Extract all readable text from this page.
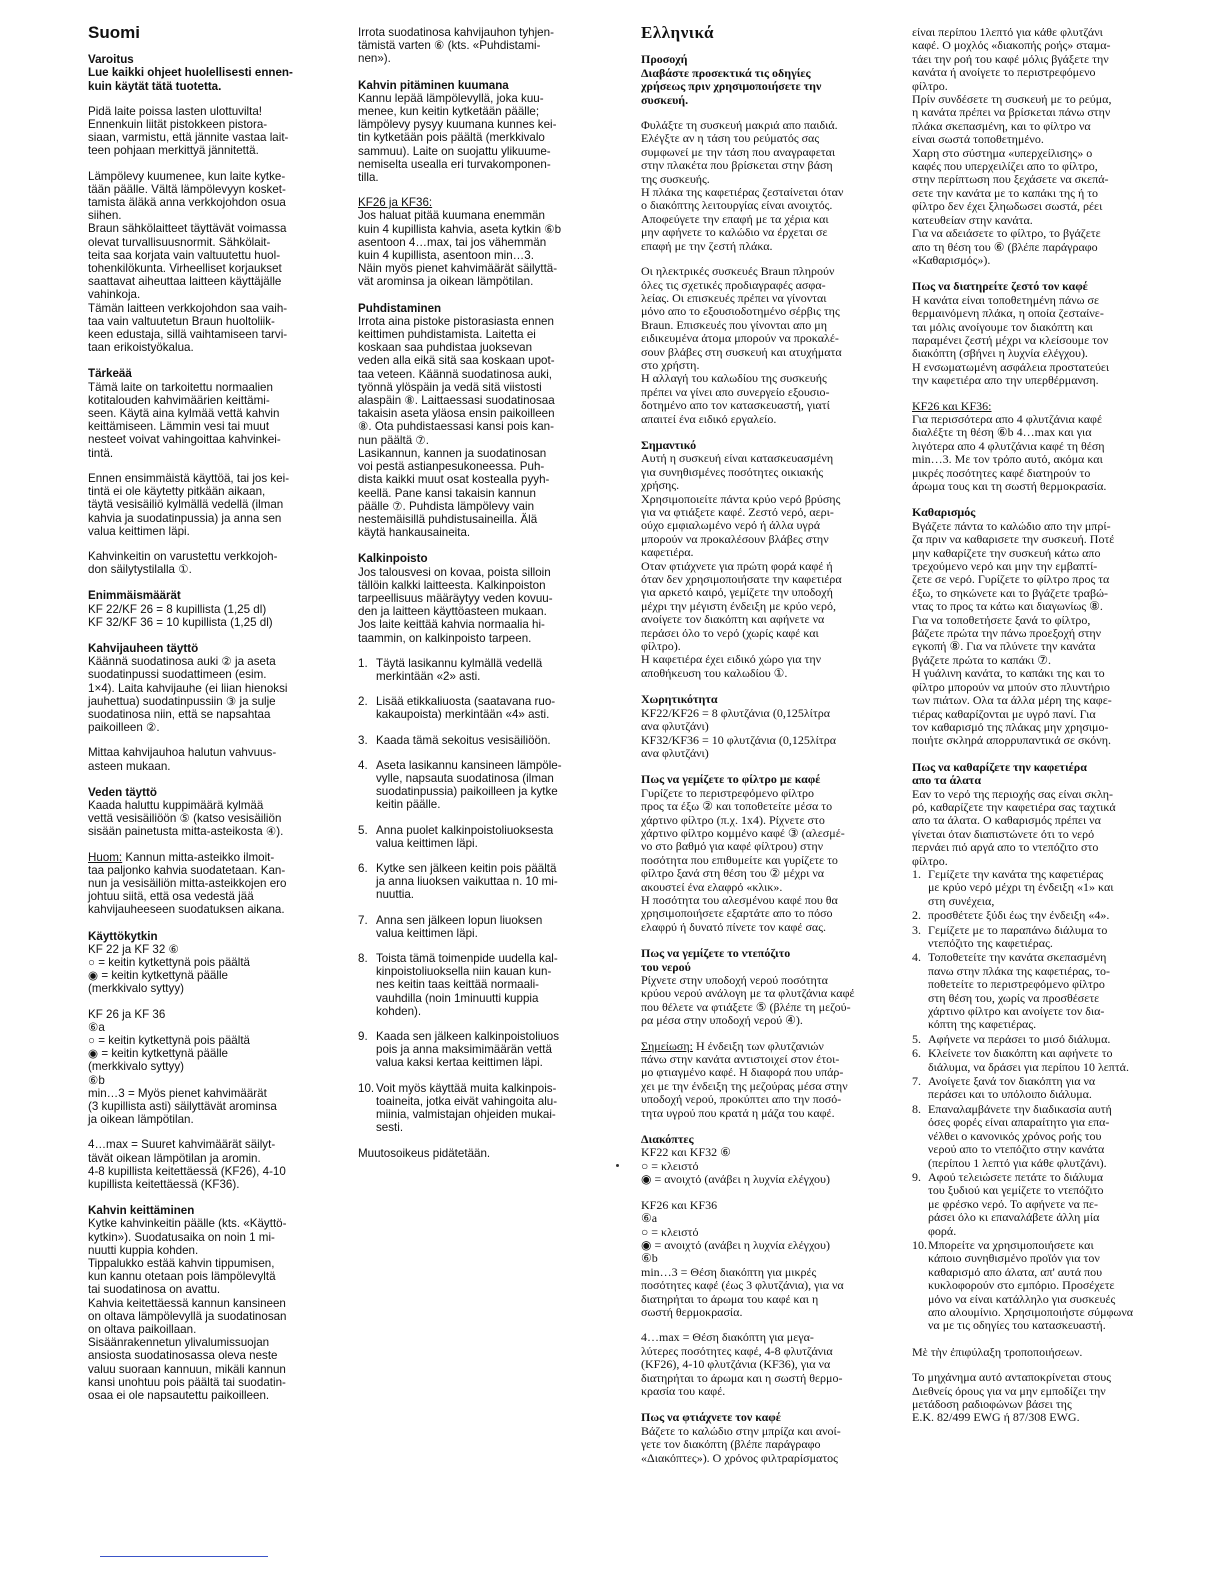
Suomi
Varoitus
Lue kaikki ohjeet huolellisesti ennen-
kuin käytät tätä tuotetta.
Pidä laite poissa lasten ulottuvilta!
Ennenkuin liität pistokkeen pistora-
siaan, varmistu, että jännite vastaa lait-
teen pohjaan merkittyä jännitettä.
Lämpölevy kuumenee, kun laite kytke-
tään päälle. Vältä lämpölevyyn kosket-
tamista äläkä anna verkkojohdon osua
siihen.
Braun sähkölaitteet täyttävät voimassa
olevat turvallisuusnormit. Sähkölait-
teita saa korjata vain valtuutettu huol-
tohenkilökunta. Virheelliset korjaukset
saattavat aiheuttaa laitteen käyttäjälle
vahinkoja.
Tämän laitteen verkkojohdon saa vaih-
taa vain valtuutetun Braun huoltoliik-
keen edustaja, sillä vaihtamiseen tarvi-
taan erikoistyökalua.
Tärkeää
Tämä laite on tarkoitettu normaalien
kotitalouden kahvimäärien keittämi-
seen. Käytä aina kylmää vettä kahvin
keittämiseen. Lämmin vesi tai muut
nesteet voivat vahingoittaa kahvinkei-
tintä.
Ennen ensimmäistä käyttöä, tai jos kei-
tintä ei ole käytetty pitkään aikaan,
täytä vesisäiliö kylmällä vedellä (ilman
kahvia ja suodatinpussia) ja anna sen
valua keittimen läpi.
Kahvinkeitin on varustettu verkkojoh-
don säilytystilalla ①.
Enimmäismäärät
KF 22/KF 26 = 8 kupillista (1,25 dl)
KF 32/KF 36 = 10 kupillista (1,25 dl)
Kahvijauheen täyttö
Käännä suodatinosa auki ② ja aseta
suodatinpussi suodattimeen (esim.
1×4). Laita kahvijauhe (ei liian hienoksi
jauhettua) suodatinpussiin ③ ja sulje
suodatinosa niin, että se napsahtaa
paikoilleen ②.
Mittaa kahvijauhoa halutun vahvuus-
asteen mukaan.
Veden täyttö
Kaada haluttu kuppimäärä kylmää
vettä vesisäiliöön ⑤ (katso vesisäiliön
sisään painetusta mitta-asteikosta ④).
Huom: Kannun mitta-asteikko ilmoit-
taa paljonko kahvia suodatetaan. Kan-
nun ja vesisäiliön mitta-asteikkojen ero
johtuu siitä, että osa vedestä jää
kahvijauheeseen suodatuksen aikana.
Käyttökytkin
KF 22 ja KF 32 ⑥
○ = keitin kytkettynä pois päältä
◉ = keitin kytkettynä päälle
(merkkivalo syttyy)
KF 26 ja KF 36
⑥a
○ = keitin kytkettynä pois päältä
◉ = keitin kytkettynä päälle
(merkkivalo syttyy)
⑥b
min…3 = Myös pienet kahvimäärät
(3 kupillista asti) säilyttävät arominsa
ja oikean lämpötilan.
4…max = Suuret kahvimäärät säilyt-
tävät oikean lämpötilan ja aromin.
4-8 kupillista keitettäessä (KF26), 4-10
kupillista keitettäessä (KF36).
Kahvin keittäminen
Kytke kahvinkeitin päälle (kts. «Käyttö-
kytkin»). Suodatusaika on noin 1 mi-
nuutti kuppia kohden.
Tippalukko estää kahvin tippumisen,
kun kannu otetaan pois lämpölevyltä
tai suodatinosa on avattu.
Kahvia keitettäessä kannun kansineen
on oltava lämpölevyllä ja suodatinosan
on oltava paikoillaan.
Sisäänrakennetun ylivalumissuojan
ansiosta suodatinosassa oleva neste
valuu suoraan kannuun, mikäli kannun
kansi unohtuu pois päältä tai suodatin-
osaa ei ole napsautettu paikoilleen.
Irrota suodatinosa kahvijauhon tyhjen-
tämistä varten ⑥ (kts. «Puhdistami-
nen»).
Kahvin pitäminen kuumana
Kannu lepää lämpölevyllä, joka kuu-
menee, kun keitin kytketään päälle;
lämpölevy pysyy kuumana kunnes kei-
tin kytketään pois päältä (merkkivalo
sammuu). Laite on suojattu ylikuume-
nemiselta usealla eri turvakomponen-
tilla.
KF26 ja KF36:
Jos haluat pitää kuumana enemmän
kuin 4 kupillista kahvia, aseta kytkin ⑥b
asentoon 4…max, tai jos vähemmän
kuin 4 kupillista, asentoon min…3.
Näin myös pienet kahvimäärät säilyttä-
vät arominsa ja oikean lämpötilan.
Puhdistaminen
Irrota aina pistoke pistorasiasta ennen
keittimen puhdistamista. Laitetta ei
koskaan saa puhdistaa juoksevan
veden alla eikä sitä saa koskaan upot-
taa veteen. Käännä suodatinosa auki,
työnnä ylöspäin ja vedä sitä viistosti
alaspäin ⑧. Laittaessasi suodatinosaa
takaisin aseta yläosa ensin paikoilleen
⑧. Ota puhdistaessasi kansi pois kan-
nun päältä ⑦.
Lasikannun, kannen ja suodatinosan
voi pestä astianpesukoneessa. Puh-
dista kaikki muut osat kostealla pyyh-
keellä. Pane kansi takaisin kannun
päälle ⑦. Puhdista lämpölevy vain
nestemäisillä puhdistusaineilla. Älä
käytä hankausaineita.
Kalkinpoisto
Jos talousvesi on kovaa, poista silloin
tällöin kalkki laitteesta. Kalkinpoiston
tarpeellisuus määräytyy veden kovuu-
den ja laitteen käyttöasteen mukaan.
Jos laite keittää kahvia normaalia hi-
taammin, on kalkinpoisto tarpeen.
1. Täytä lasikannu kylmällä vedellä
merkintään «2» asti.
2. Lisää etikkaliuosta (saatavana ruo-
kakaupoista) merkintään «4» asti.
3. Kaada tämä sekoitus vesisäiliöön.
4. Aseta lasikannu kansineen lämpöle-
vylle, napsauta suodatinosa (ilman
suodatinpussia) paikoilleen ja kytke
keitin päälle.
5. Anna puolet kalkinpoistoliuoksesta
valua keittimen läpi.
6. Kytke sen jälkeen keitin pois päältä
ja anna liuoksen vaikuttaa n. 10 mi-
nuuttia.
7. Anna sen jälkeen lopun liuoksen
valua keittimen läpi.
8. Toista tämä toimenpide uudella kal-
kinpoistoliuoksella niin kauan kun-
nes keitin taas keittää normaali-
vauhdilla (noin 1minuutti kuppia
kohden).
9. Kaada sen jälkeen kalkinpoistoliuos
pois ja anna maksimimäärän vettä
valua kaksi kertaa keittimen läpi.
10. Voit myös käyttää muita kalkinpois-
toaineita, jotka eivät vahingoita alu-
miinia, valmistajan ohjeiden mukai-
sesti.
Muutosoikeus pidätetään.
Ελληνικά
Προσοχή
Διαβάστε προσεκτικά τις οδηγίες
χρήσεως πριν χρησιμοποιήσετε την
συσκευή.
Φυλάξτε τη συσκευή μακριά απο παιδιά.
Ελέγξτε αν η τάση του ρεύματός σας
συμφωνεί με την τάση που αναγραφεται
στην πλακέτα που βρίσκεται στην βάση
της συσκευής.
Η πλάκα της καφετιέρας ζεσταίνεται όταν
ο διακόπτης λειτουργίας είναι ανοιχτός.
Αποφεύγετε την επαφή με τα χέρια και
μην αφήνετε το καλώδιο να έρχεται σε
επαφή με την ζεστή πλάκα.
Οι ηλεκτρικές συσκευές Braun πληρούν
όλες τις σχετικές προδιαγραφές ασφα-
λείας. Οι επισκευές πρέπει να γίνονται
μόνο απο το εξουσιοδοτημένο σέρβις της
Braun. Επισκευές που γίνονται απο μη
ειδικευμένα άτομα μπορούν να προκαλέ-
σουν βλάβες στη συσκευή και ατυχήματα
στο χρήστη.
Η αλλαγή του καλωδίου της συσκευής
πρέπει να γίνει απο συνεργείο εξουσιο-
δοτημένο απο τον κατασκευαστή, γιατί
απαιτεί ένα ειδικό εργαλείο.
Σημαντικό
Αυτή η συσκευή είναι κατασκευασμένη
για συνηθισμένες ποσότητες οικιακής
χρήσης.
Χρησιμοποιείτε πάντα κρύο νερό βρύσης
για να φτιάξετε καφέ. Ζεστό νερό, αερι-
ούχο εμφιαλωμένο νερό ή άλλα υγρά
μπορούν να προκαλέσουν βλάβες στην
καφετιέρα.
Οταν φτιάχνετε για πρώτη φορά καφέ ή
όταν δεν χρησιμοποιήσατε την καφετιέρα
για αρκετό καιρό, γεμίζετε την υποδοχή
μέχρι την μέγιστη ένδειξη με κρύο νερό,
ανοίγετε τον διακόπτη και αφήνετε να
περάσει όλο το νερό (χωρίς καφέ και
φίλτρο).
Η καφετιέρα έχει ειδικό χώρο για την
αποθήκευση του καλωδίου ①.
Χωρητικότητα
KF22/KF26 = 8 φλυτζάνια (0,125λίτρα
ανα φλυτζάνι)
KF32/KF36 = 10 φλυτζάνια (0,125λίτρα
ανα φλυτζάνι)
Πως να γεμίζετε το φίλτρο με καφέ
Γυρίζετε το περιστρεφόμενο φίλτρο
προς τα έξω ② και τοποθετείτε μέσα το
χάρτινο φίλτρο (π.χ. 1x4). Ρίχνετε στο
χάρτινο φίλτρο κομμένο καφέ ③ (αλεσμέ-
νο στο βαθμό για καφέ φίλτρου) στην
ποσότητα που επιθυμείτε και γυρίζετε το
φίλτρο ξανά στη θέση του ② μέχρι να
ακουστεί ένα ελαφρό «κλικ».
Η ποσότητα του αλεσμένου καφέ που θα
χρησιμοποιήσετε εξαρτάτε απο το πόσο
ελαφρύ ή δυνατό πίνετε τον καφέ σας.
Πως να γεμίζετε το ντεπόζιτο
του νερού
Ρίχνετε στην υποδοχή νερού ποσότητα
κρύου νερού ανάλογη με τα φλυτζάνια καφέ
που θέλετε να φτιάξετε ⑤ (βλέπε τη μεζού-
ρα μέσα στην υποδοχή νερού ④).
Σημείωση: Η ένδειξη των φλυτζανιών
πάνω στην κανάτα αντιστοιχεί στον έτοι-
μο φτιαγμένο καφέ. Η διαφορά που υπάρ-
χει με την ένδειξη της μεζούρας μέσα στην
υποδοχή νερού, προκύπτει απο την ποσό-
τητα υγρού που κρατά η μάζα του καφέ.
Διακόπτες
KF22 και KF32 ⑥
○ = κλειστό
◉ = ανοιχτό (ανάβει η λυχνία ελέγχου)
KF26 και KF36
⑥a
○ = κλειστό
◉ = ανοιχτό (ανάβει η λυχνία ελέγχου)
⑥b
min…3 = Θέση διακόπτη για μικρές
ποσότητες καφέ (έως 3 φλυτζάνια), για να
διατηρήται το άρωμα του καφέ και η
σωστή θερμοκρασία.
4…max = Θέση διακόπτη για μεγα-
λύτερες ποσότητες καφέ, 4-8 φλυτζάνια
(KF26), 4-10 φλυτζάνια (KF36), για να
διατηρήται το άρωμα και η σωστή θερμο-
κρασία του καφέ.
Πως να φτιάχνετε τον καφέ
Βάζετε το καλώδιο στην μπρίζα και ανοί-
γετε τον διακόπτη (βλέπε παράγραφο
«Διακόπτες»). Ο χρόνος φιλτραρίσματος
είναι περίπου 1λεπτό για κάθε φλυτζάνι
καφέ. Ο μοχλός «διακοπής ροής» σταμα-
τάει την ροή του καφέ μόλις βγάξετε την
κανάτα ή ανοίγετε το περιστρεφόμενο
φίλτρο.
Πρίν συνδέσετε τη συσκευή με το ρεύμα,
η κανάτα πρέπει να βρίσκεται πάνω στην
πλάκα σκεπασμένη, και το φίλτρο να
είναι σωστά τοποθετημένο.
Χαρη στο σύστημα «υπερχείλισης» ο
καφές που υπερχειλίζει απο το φίλτρο,
στην περίπτωση που ξεχάσετε να σκεπά-
σετε την κανάτα με το καπάκι της ή το
φίλτρο δεν έχει ξληωδωσει σωστά, ρέει
κατευθείαν στην κανάτα.
Για να αδειάσετε το φίλτρο, το βγάζετε
απο τη θέση του ⑥ (βλέπε παράγραφο
«Καθαρισμός»).
Πως να διατηρείτε ζεστό τον καφέ
Η κανάτα είναι τοποθετημένη πάνω σε
θερμαινόμενη πλάκα, η οποία ζεσταίνε-
ται μόλις ανοίγουμε τον διακόπτη και
παραμένει ζεστή μέχρι να κλείσουμε τον
διακόπτη (σβήνει η λυχνία ελέγχου).
Η ενσωματωμένη ασφάλεια προστατεύει
την καφετιέρα απο την υπερθέρμανση.
KF26 και KF36:
Για περισσότερα απο 4 φλυτζάνια καφέ
διαλέξτε τη θέση ⑥b 4…max και για
λιγότερα απο 4 φλυτζάνια καφέ τη θέση
min…3. Με τον τρόπο αυτό, ακόμα και
μικρές ποσότητες καφέ διατηρούν το
άρωμα τους και τη σωστή θερμοκρασία.
Καθαρισμός
Βγάζετε πάντα το καλώδιο απο την μπρί-
ζα πριν να καθαρισετε την συσκευή. Ποτέ
μην καθαρίζετε την συσκευή κάτω απο
τρεχούμενο νερό και μην την εμβαπτί-
ζετε σε νερό. Γυρίζετε το φίλτρο προς τα
έξω, το σηκώνετε και το βγάζετε τραβώ-
ντας το προς τα κάτω και διαγωνίως ⑧.
Για να τοποθετήσετε ξανά το φίλτρο,
βάζετε πρώτα την πάνω προεξοχή στην
εγκοπή ⑧. Για να πλύνετε την κανάτα
βγάζετε πρώτα το καπάκι ⑦.
Η γυάλινη κανάτα, το καπάκι της και το
φίλτρο μπορούν να μπούν στο πλυντήριο
των πιάτων. Ολα τα άλλα μέρη της καφε-
τιέρας καθαρίζονται με υγρό πανί. Για
τον καθαρισμό της πλάκας μην χρησιμο-
ποιήτε σκληρά απορρυπαντικά σε σκόνη.
Πως να καθαρίζετε την καφετιέρα
απο τα άλατα
Εαν το νερό της περιοχής σας είναι σκλη-
ρό, καθαρίζετε την καφετιέρα σας ταχτικά
απο τα άλατα. Ο καθαρισμός πρέπει να
γίνεται όταν διαπιστώνετε ότι το νερό
περνάει πιό αργά απο το ντεπόζιτο στο
φίλτρο.
1. Γεμίζετε την κανάτα της καφετιέρας
με κρύο νερό μέχρι τη ένδειξη «1» και
στη συνέχεια,
2. προσθέτετε ξύδι έως την ένδειξη «4».
3. Γεμίζετε με το παραπάνω διάλυμα το
ντεπόζιτο της καφετιέρας.
4. Τοποθετείτε την κανάτα σκεπασμένη
πανω στην πλάκα της καφετιέρας, το-
ποθετείτε το περιστρεφόμενο φίλτρο
στη θέση του, χωρίς να προσθέσετε
χάρτινο φίλτρο και ανοίγετε τον δια-
κόπτη της καφετιέρας.
5. Αφήνετε να περάσει το μισό διάλυμα.
6. Κλείνετε τον διακόπτη και αφήνετε το
διάλυμα, να δράσει για περίπου 10 λεπτά.
7. Ανοίγετε ξανά τον διακόπτη για να
περάσει και το υπόλοιπο διάλυμα.
8. Επαναλαμβάνετε την διαδικασία αυτή
όσες φορές είναι απαραίτητο για επα-
νέλθει ο κανονικός χρόνος ροής του
νερού απο το ντεπόζιτο στην κανάτα
(περίπου 1 λεπτό για κάθε φλυτζάνι).
9. Αφού τελειώσετε πετάτε το διάλυμα
του ξυδιού και γεμίζετε το ντεπόζιτο
με φρέσκο νερό. Το αφήνετε να πε-
ράσει όλο κι επαναλάβετε άλλη μία
φορά.
10. Μπορείτε να χρησιμοποιήσετε και
κάποιο συνηθισμένο προϊόν για τον
καθαρισμό απο άλατα, απ' αυτά που
κυκλοφορούν στο εμπόριο. Προσέχετε
μόνο να είναι κατάλληλο για συσκευές
απο αλουμίνιο. Χρησιμοποιήστε σύμφωνα
να με τις οδηγίες του κατασκευαστή.
Μὲ τὴν ἐπιφύλαξη τροποποιήσεων.
Το μηχάνημα αυτό ανταποκρίνεται στους
Διεθνείς όρους για να μην εμποδίζει την
μετάδοση ραδιοφώνων βάσει της
E.K. 82/499 EWG ή 87/308 EWG.
